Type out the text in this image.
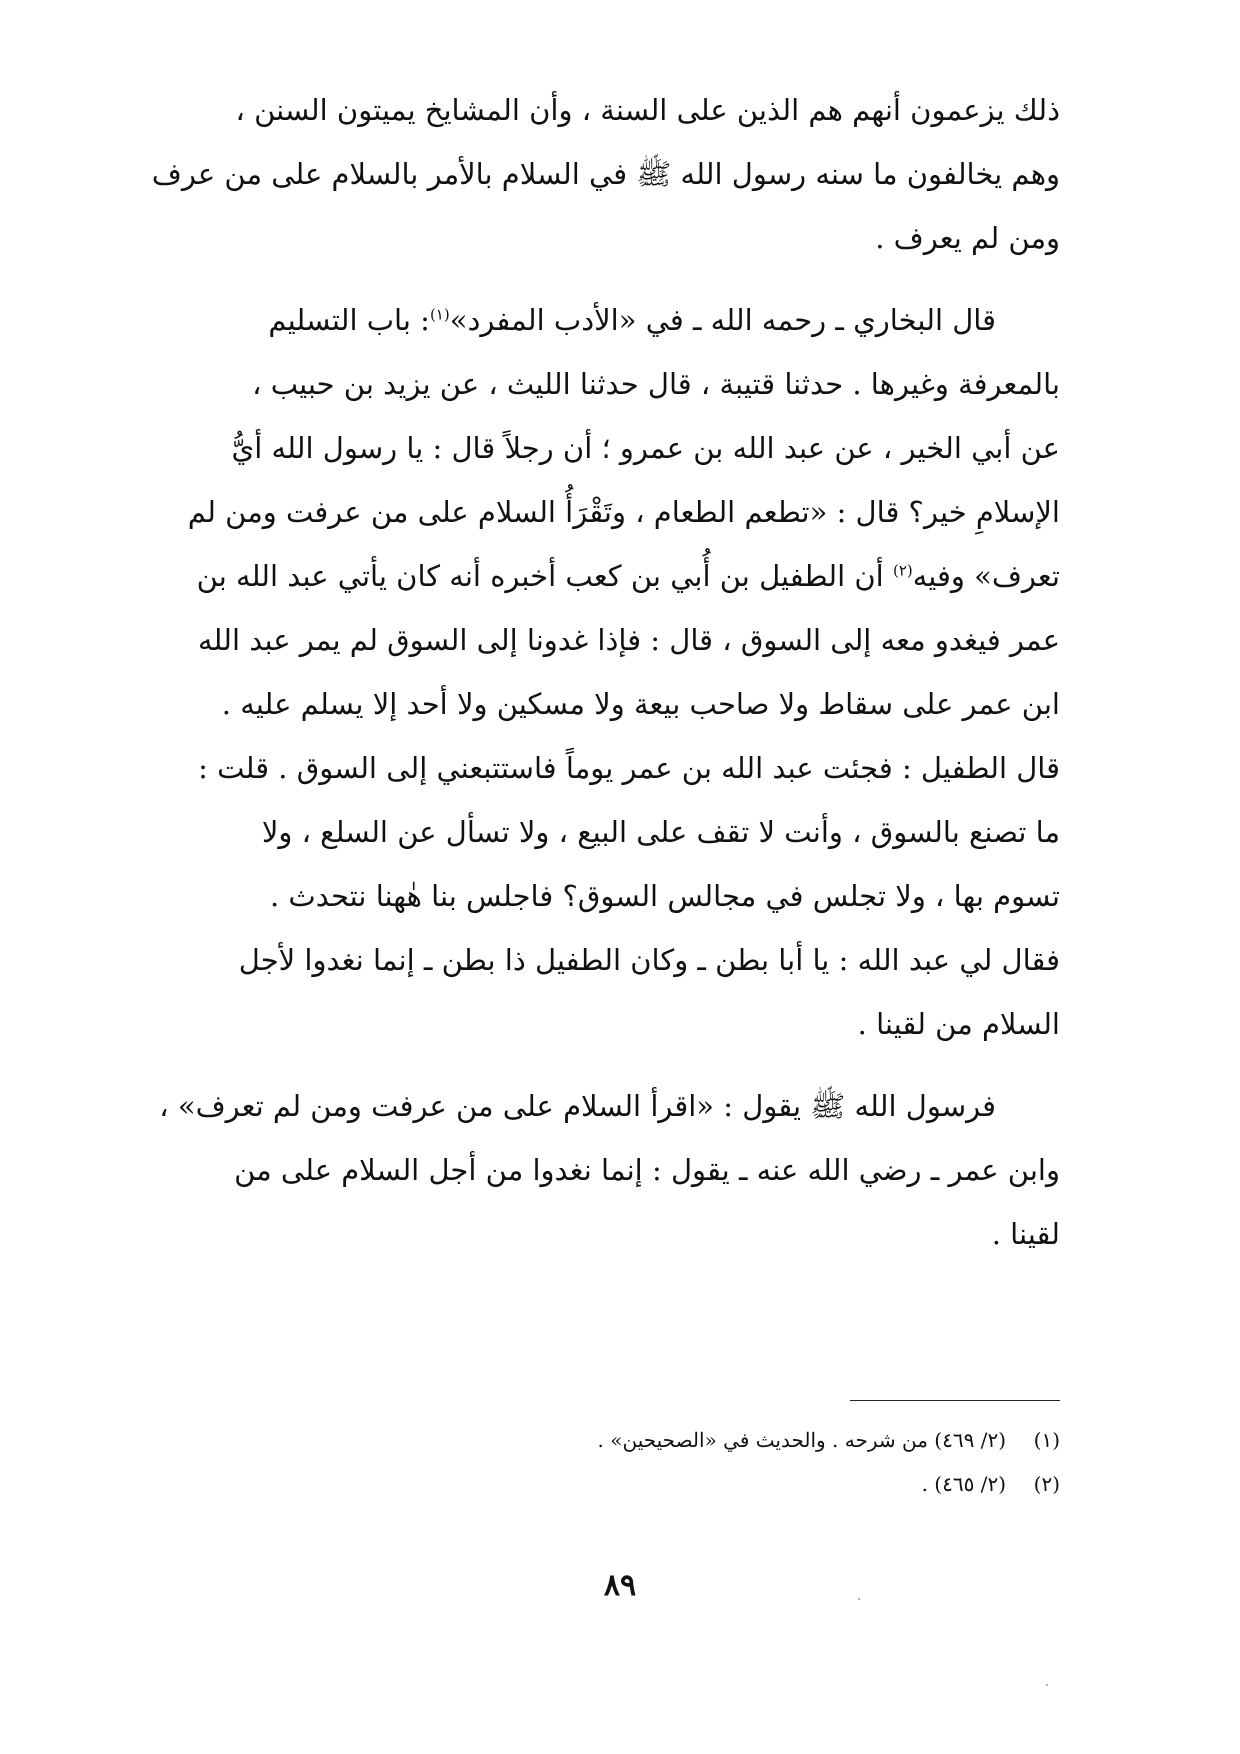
ذلك يزعمون أنهم هم الذين على السنة ، وأن المشايخ يميتون السنن ،
وهم يخالفون ما سنه رسول الله ﷺ في السلام بالأمر بالسلام على من عرف
ومن لم يعرف .
قال البخاري ـ رحمه الله ـ في «الأدب المفرد»$^{(١)}$: باب التسليم
بالمعرفة وغيرها . حدثنا قتيبة ، قال حدثنا الليث ، عن يزيد بن حبيب ،
عن أبي الخير ، عن عبد الله بن عمرو ؛ أن رجلاً قال : يا رسول الله أيُّ
الإسلامِ خير؟ قال : «تطعم الطعام ، وتَقْرَأُ السلام على من عرفت ومن لم
تعرف» وفيه$^{(٢)}$ أن الطفيل بن أُبي بن كعب أخبره أنه كان يأتي عبد الله بن
عمر فيغدو معه إلى السوق ، قال : فإذا غدونا إلى السوق لم يمر عبد الله
ابن عمر على سقاط ولا صاحب بيعة ولا مسكين ولا أحد إلا يسلم عليه .
قال الطفيل : فجئت عبد الله بن عمر يوماً فاستتبعني إلى السوق . قلت :
ما تصنع بالسوق ، وأنت لا تقف على البيع ، ولا تسأل عن السلع ، ولا
تسوم بها ، ولا تجلس في مجالس السوق؟ فاجلس بنا هٰهنا نتحدث .
فقال لي عبد الله : يا أبا بطن ـ وكان الطفيل ذا بطن ـ إنما نغدوا لأجل
السلام من لقينا .
فرسول الله ﷺ يقول : «اقرأ السلام على من عرفت ومن لم تعرف» ،
وابن عمر ـ رضي الله عنه ـ يقول : إنما نغدوا من أجل السلام على من
لقينا .
(١)
(٢/ ٤٦٩) من شرحه . والحديث في «الصحيحين» .
(٢)
(٢/ ٤٦٥) .
٨٩
